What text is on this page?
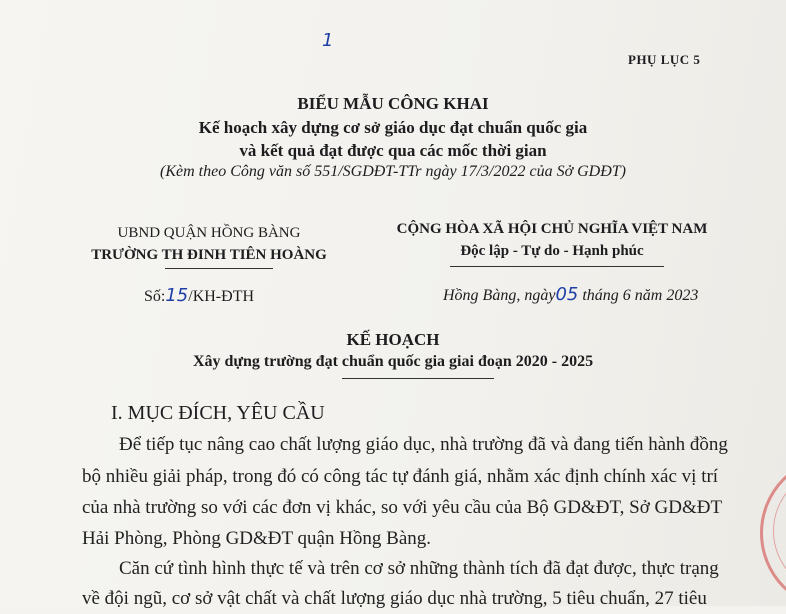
1
PHỤ LỤC 5
BIỂU MẪU CÔNG KHAI
Kế hoạch xây dựng cơ sở giáo dục đạt chuẩn quốc gia
và kết quả đạt được qua các mốc thời gian
(Kèm theo Công văn số 551/SGDĐT-TTr ngày 17/3/2022 của Sở GDĐT)
UBND QUẬN HỒNG BÀNG
TRƯỜNG TH ĐINH TIÊN HOÀNG
Số:15/KH-ĐTH
CỘNG HÒA XÃ HỘI CHỦ NGHĨA VIỆT NAM
Độc lập - Tự do - Hạnh phúc
Hồng Bàng, ngày05 tháng 6 năm 2023
KẾ HOẠCH
Xây dựng trường đạt chuẩn quốc gia giai đoạn 2020 - 2025
I. MỤC ĐÍCH, YÊU CẦU
Để tiếp tục nâng cao chất lượng giáo dục, nhà trường đã và đang tiến hành đồng
bộ nhiều giải pháp, trong đó có công tác tự đánh giá, nhằm xác định chính xác vị trí
của nhà trường so với các đơn vị khác, so với yêu cầu của Bộ GD&ĐT, Sở GD&ĐT
Hải Phòng, Phòng GD&ĐT quận Hồng Bàng.
Căn cứ tình hình thực tế và trên cơ sở những thành tích đã đạt được, thực trạng
về đội ngũ, cơ sở vật chất và chất lượng giáo dục nhà trường, 5 tiêu chuẩn, 27 tiêu
